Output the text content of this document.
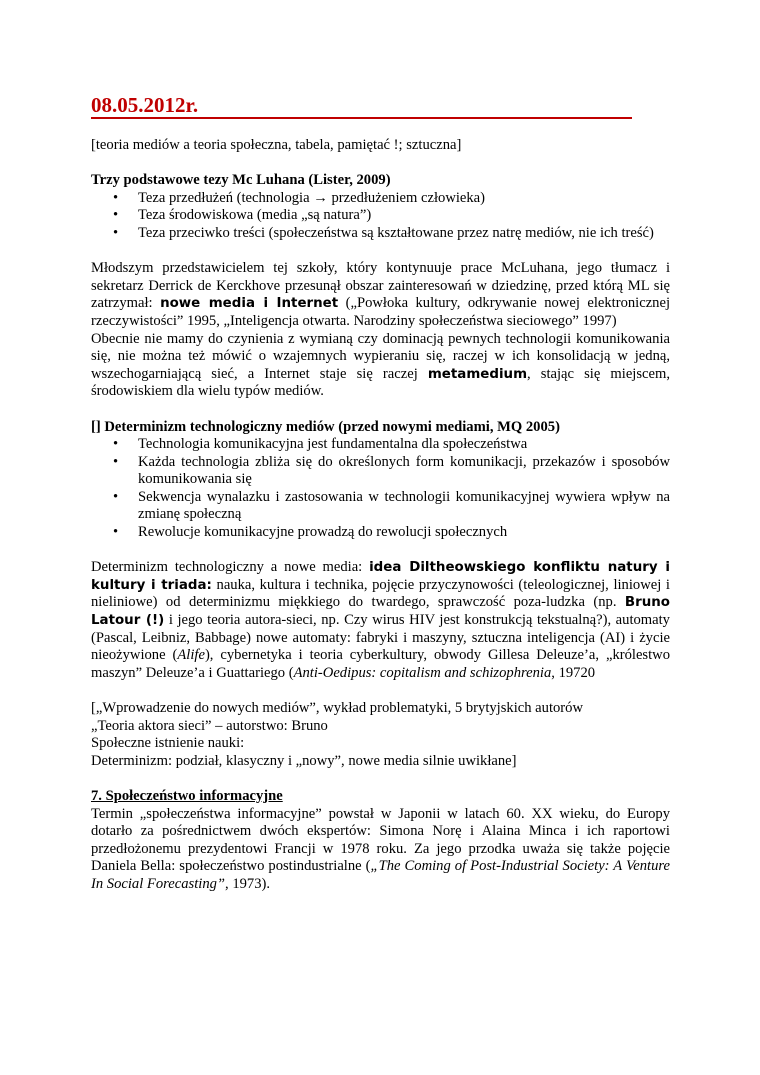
08.05.2012r.

[teoria mediów a teoria społeczna, tabela, pamiętać !; sztuczna]

Trzy podstawowe tezy Mc Luhana (Lister, 2009)

• Teza przedłużeń (technologia → przedłużeniem człowieka)
• Teza środowiskowa (media „są natura”)
• Teza przeciwko treści (społeczeństwa są kształtowane przez natrę mediów, nie ich treść)

Młodszym przedstawicielem tej szkoły, który kontynuuje prace McLuhana, jego tłumacz i sekretarz Derrick de Kerckhove przesunął obszar zainteresowań w dziedzinę, przed którą ML się zatrzymał: nowe media i Internet („Powłoka kultury, odkrywanie nowej elektronicznej rzeczywistości” 1995, „Inteligencja otwarta. Narodziny społeczeństwa sieciowego” 1997)

Obecnie nie mamy do czynienia z wymianą czy dominacją pewnych technologii komunikowania się, nie można też mówić o wzajemnych wypieraniu się, raczej w ich konsolidacją w jedną, wszechogarniającą sieć, a Internet staje się raczej metamedium, stając się miejscem, środowiskiem dla wielu typów mediów.

[] Determinizm technologiczny mediów (przed nowymi mediami, MQ 2005)

• Technologia komunikacyjna jest fundamentalna dla społeczeństwa
• Każda technologia zbliża się do określonych form komunikacji, przekazów i sposobów komunikowania się
• Sekwencja wynalazku i zastosowania w technologii komunikacyjnej wywiera wpływ na zmianę społeczną
• Rewolucje komunikacyjne prowadzą do rewolucji społecznych

Determinizm technologiczny a nowe media: idea Diltheowskiego konfliktu natury i kultury i triada: nauka, kultura i technika, pojęcie przyczynowości (teleologicznej, liniowej i nieliniowe) od determinizmu miękkiego do twardego, sprawczość poza-ludzka (np. Bruno Latour (!) i jego teoria autora-sieci, np. Czy wirus HIV jest konstrukcją tekstualną?), automaty (Pascal, Leibniz, Babbage) nowe automaty: fabryki i maszyny, sztuczna inteligencja (AI) i życie nieożywione (Alife), cybernetyka i teoria cyberkultury, obwody Gillesa Deleuze’a, „królestwo maszyn” Deleuze’a i Guattariego (Anti-Oedipus: copitalism and schizophrenia, 19720

[„Wprowadzenie do nowych mediów”, wykład problematyki, 5 brytyjskich autorów

„Teoria aktora sieci” – autorstwo: Bruno

Społeczne istnienie nauki:

Determinizm: podział, klasyczny i „nowy”, nowe media silnie uwikłane]

7. Społeczeństwo informacyjne

Termin „społeczeństwa informacyjne” powstał w Japonii w latach 60. XX wieku, do Europy dotarło za pośrednictwem dwóch ekspertów: Simona Norę i Alaina Minca i ich raportowi przedłożonemu prezydentowi Francji w 1978 roku. Za jego przodka uważa się także pojęcie Daniela Bella: społeczeństwo postindustrialne („The Coming of Post-Industrial Society: A Venture In Social Forecasting”, 1973).
